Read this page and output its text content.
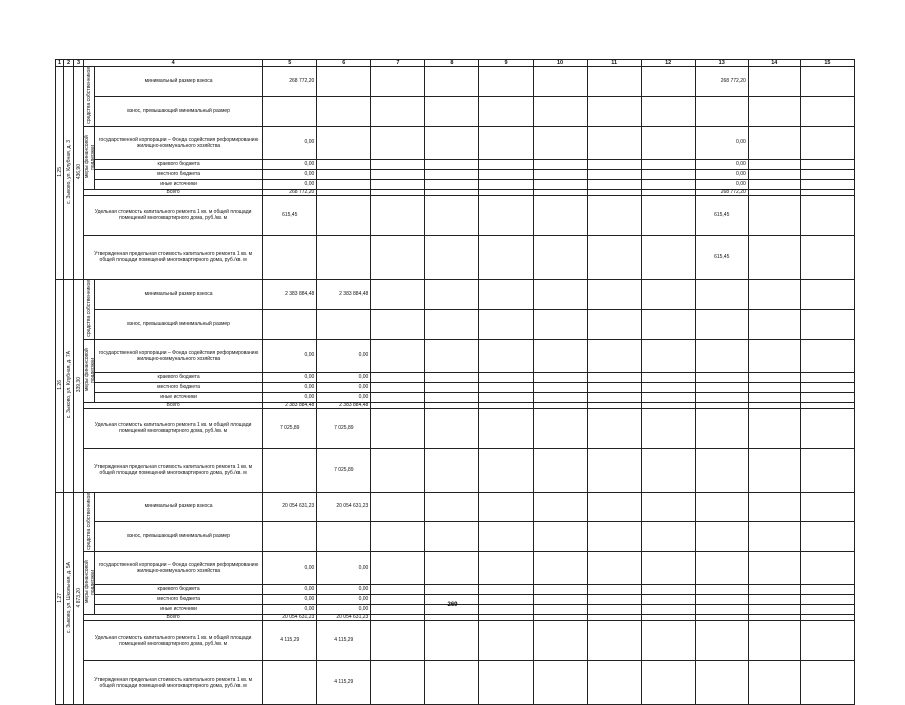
1	2	3	4		5	6	7	8	9	10	11	12	13	14	15
1.25	с. Зыково, ул. Клубная, д. 3	436,90	средства собственников	минимальный размер взноса	268 772,20								268 772,20		
				взнос, превышающий минимальный размер											
			меры финансовой поддержки	государственной корпорации – Фонда содействия реформированию жилищно-коммунального хозяйства	0,00								0,00		
				краевого бюджета	0,00								0,00		
				местного бюджета	0,00								0,00		
				иные источники	0,00								0,00		
			Всего		268 772,20								268 772,20		
			Удельная стоимость капитального ремонта 1 кв. м общей площади помещений многоквартирного дома, руб./кв. м		615,45								615,45		
			Утвержденная предельная стоимость капитального ремонта 1 кв. м общей площади помещений многоквартирного дома, руб./кв. м										615,45		
1.26	с. Зыково, ул. Клубная, д. 7А	339,30	средства собственников	минимальный размер взноса	2 383 884,48	2 383 884,48									
				взнос, превышающий минимальный размер											
			меры финансовой поддержки	государственной корпорации – Фонда содействия реформированию жилищно-коммунального хозяйства	0,00	0,00									
				краевого бюджета	0,00	0,00									
				местного бюджета	0,00	0,00									
				иные источники	0,00	0,00									
			Всего		2 383 884,48	2 383 884,48									
			Удельная стоимость капитального ремонта 1 кв. м общей площади помещений многоквартирного дома, руб./кв. м		7 025,89	7 025,89									
			Утвержденная предельная стоимость капитального ремонта 1 кв. м общей площади помещений многоквартирного дома, руб./кв. м			7 025,89									
1.27	с. Зыково, ул. Школьная, д. 5А	4 873,20	средства собственников	минимальный размер взноса	20 054 631,23	20 054 631,23									
				взнос, превышающий минимальный размер											
			меры финансовой поддержки	государственной корпорации – Фонда содействия реформированию жилищно-коммунального хозяйства	0,00	0,00									
				краевого бюджета	0,00	0,00									
				местного бюджета	0,00	0,00									
				иные источники	0,00	0,00									
			Всего		20 054 631,23	20 054 631,23									
			Удельная стоимость капитального ремонта 1 кв. м общей площади помещений многоквартирного дома, руб./кв. м		4 115,29	4 115,29									
			Утвержденная предельная стоимость капитального ремонта 1 кв. м общей площади помещений многоквартирного дома, руб./кв. м			4 115,29									
269
